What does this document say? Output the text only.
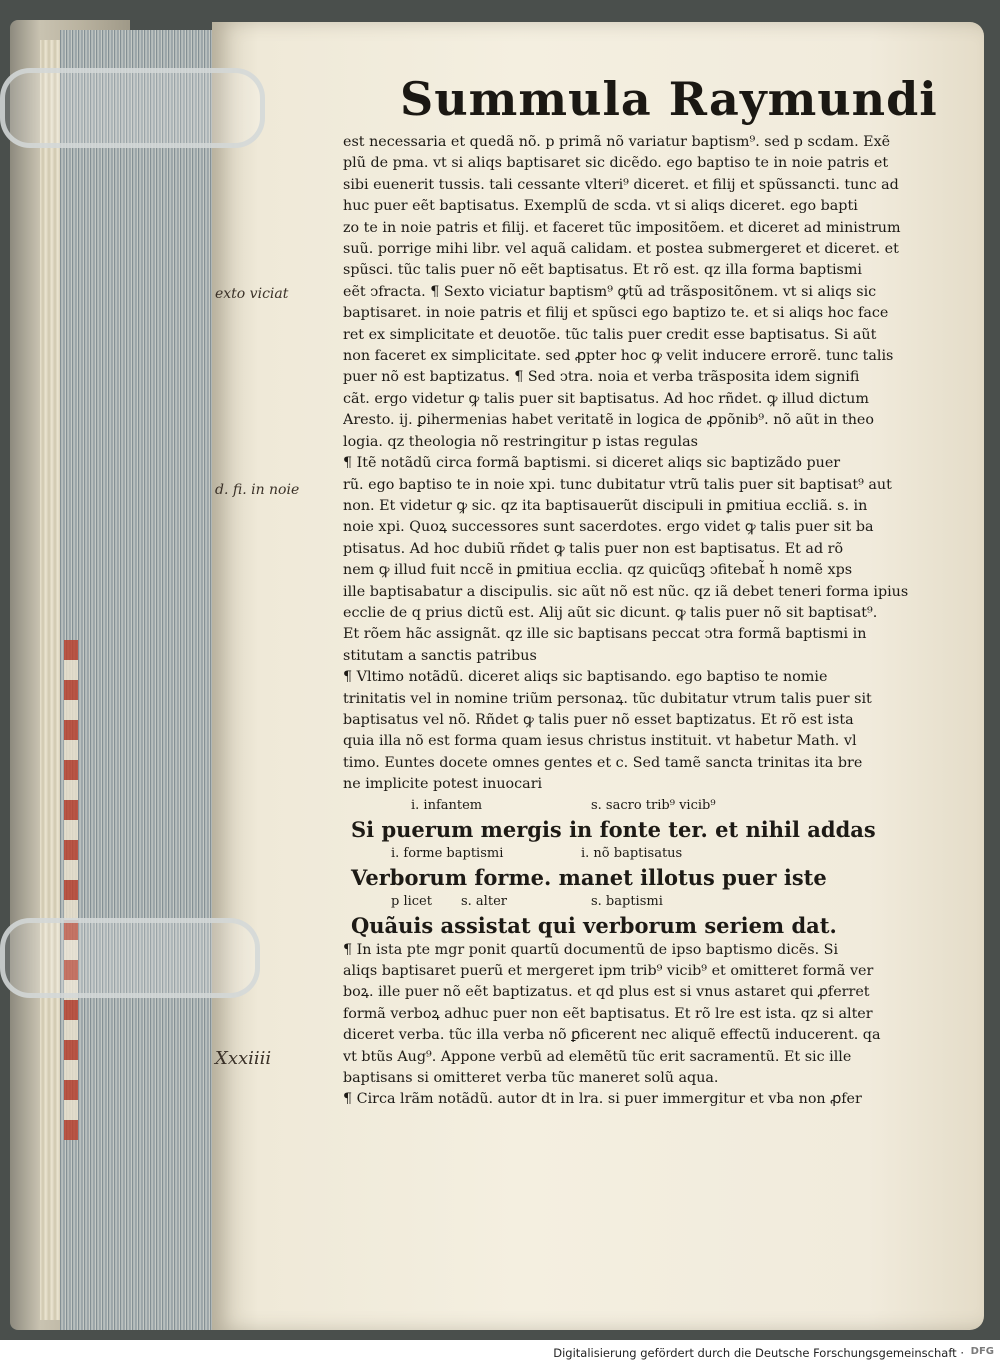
Summula Raymundi
exto viciat
d. fi. in noie
Xxxiiii
est necessaria et quedã nõ. p primã nõ variatur baptism⁹. sed p scdam. Exẽ
plũ de pma. vt si aliqs baptisaret sic dicẽdo. ego baptiso te in noie patris et
sibi euenerit tussis. tali cessante vlteri⁹ diceret. et filij et spũssancti. tunc ad
huc puer eẽt baptisatus. Exemplũ de scda. vt si aliqs diceret. ego bapti
zo te in noie patris et filij. et faceret tũc impositõem. et diceret ad ministrum
suũ. porrige mihi libr. vel aquã calidam. et postea submergeret et diceret. et
spũsci. tũc talis puer nõ eẽt baptisatus. Et rõ est. qz illa forma baptismi
eẽt ↄfracta. ¶ Sexto viciatur baptism⁹ ꝙtũ ad trãspositõnem. vt si aliqs sic
baptisaret. in noie patris et filij et spũsci ego baptizo te. et si aliqs hoc face
ret ex simplicitate et deuotõe. tũc talis puer credit esse baptisatus. Si aũt
non faceret ex simplicitate. sed ꝓpter hoc ꝙ velit inducere errorẽ. tunc talis
puer nõ est baptizatus. ¶ Sed ↄtra. noia et verba trãsposita idem signifi
cãt. ergo videtur ꝙ talis puer sit baptisatus. Ad hoc rñdet. ꝙ illud dictum
Aresto. ij. ꝑihermenias habet veritatẽ in logica de ꝓpõnib⁹. nõ aũt in theo
logia. qz theologia nõ restringitur p istas regulas
¶ Itẽ notãdũ circa formã baptismi. si diceret aliqs sic baptizãdo puer
rũ. ego baptiso te in noie xpi. tunc dubitatur vtrũ talis puer sit baptisat⁹ aut
non. Et videtur ꝙ sic. qz ita baptisauerũt discipuli in ꝑmitiua eccliã. s. in
noie xpi. Quoꝝ successores sunt sacerdotes. ergo videt ꝙ talis puer sit ba
ptisatus. Ad hoc dubiũ rñdet ꝙ talis puer non est baptisatus. Et ad rõ
nem ꝙ illud fuit nccẽ in ꝑmitiua ecclia. qz quicũqꝫ ↄfitebat̃ h nomẽ xps
ille baptisabatur a discipulis. sic aũt nõ est nũc. qz iã debet teneri forma ipius
ecclie de q prius dictũ est. Alij aũt sic dicunt. ꝙ talis puer nõ sit baptisat⁹.
Et rõem hãc assignãt. qz ille sic baptisans peccat ↄtra formã baptismi in
stitutam a sanctis patribus
¶ Vltimo notãdũ. diceret aliqs sic baptisando. ego baptiso te nomie
trinitatis vel in nomine triũm personaꝝ. tũc dubitatur vtrum talis puer sit
baptisatus vel nõ. Rñdet ꝙ talis puer nõ esset baptizatus. Et rõ est ista
quia illa nõ est forma quam iesus christus instituit. vt habetur Math. vl
timo. Euntes docete omnes gentes et c. Sed tamẽ sancta trinitas ita bre
ne implicite potest inuocari
i. infantem	s. sacro trib⁹ vicib⁹
Si puerum mergis in fonte ter. et nihil addas
i. forme baptismi	i. nõ baptisatus
Verborum forme. manet illotus puer iste
p licet s. alter	s. baptismi
Quãuis assistat qui verborum seriem dat.
¶ In ista pte mgr ponit quartũ documentũ de ipso baptismo dicẽs. Si
aliqs baptisaret puerũ et mergeret ipm trib⁹ vicib⁹ et omitteret formã ver
boꝝ. ille puer nõ eẽt baptizatus. et qd plus est si vnus astaret qui ꝓferret
formã verboꝝ adhuc puer non eẽt baptisatus. Et rõ lre est ista. qz si alter
diceret verba. tũc illa verba nõ ꝑficerent nec aliquẽ effectũ inducerent. qa
vt btũs Aug⁹. Appone verbũ ad elemẽtũ tũc erit sacramentũ. Et sic ille
baptisans si omitteret verba tũc maneret solũ aqua.
¶ Circa lrãm notãdũ. autor dt in lra. si puer immergitur et vba non ꝓfer
Digitalisierung gefördert durch die Deutsche Forschungsgemeinschaft · DFG
